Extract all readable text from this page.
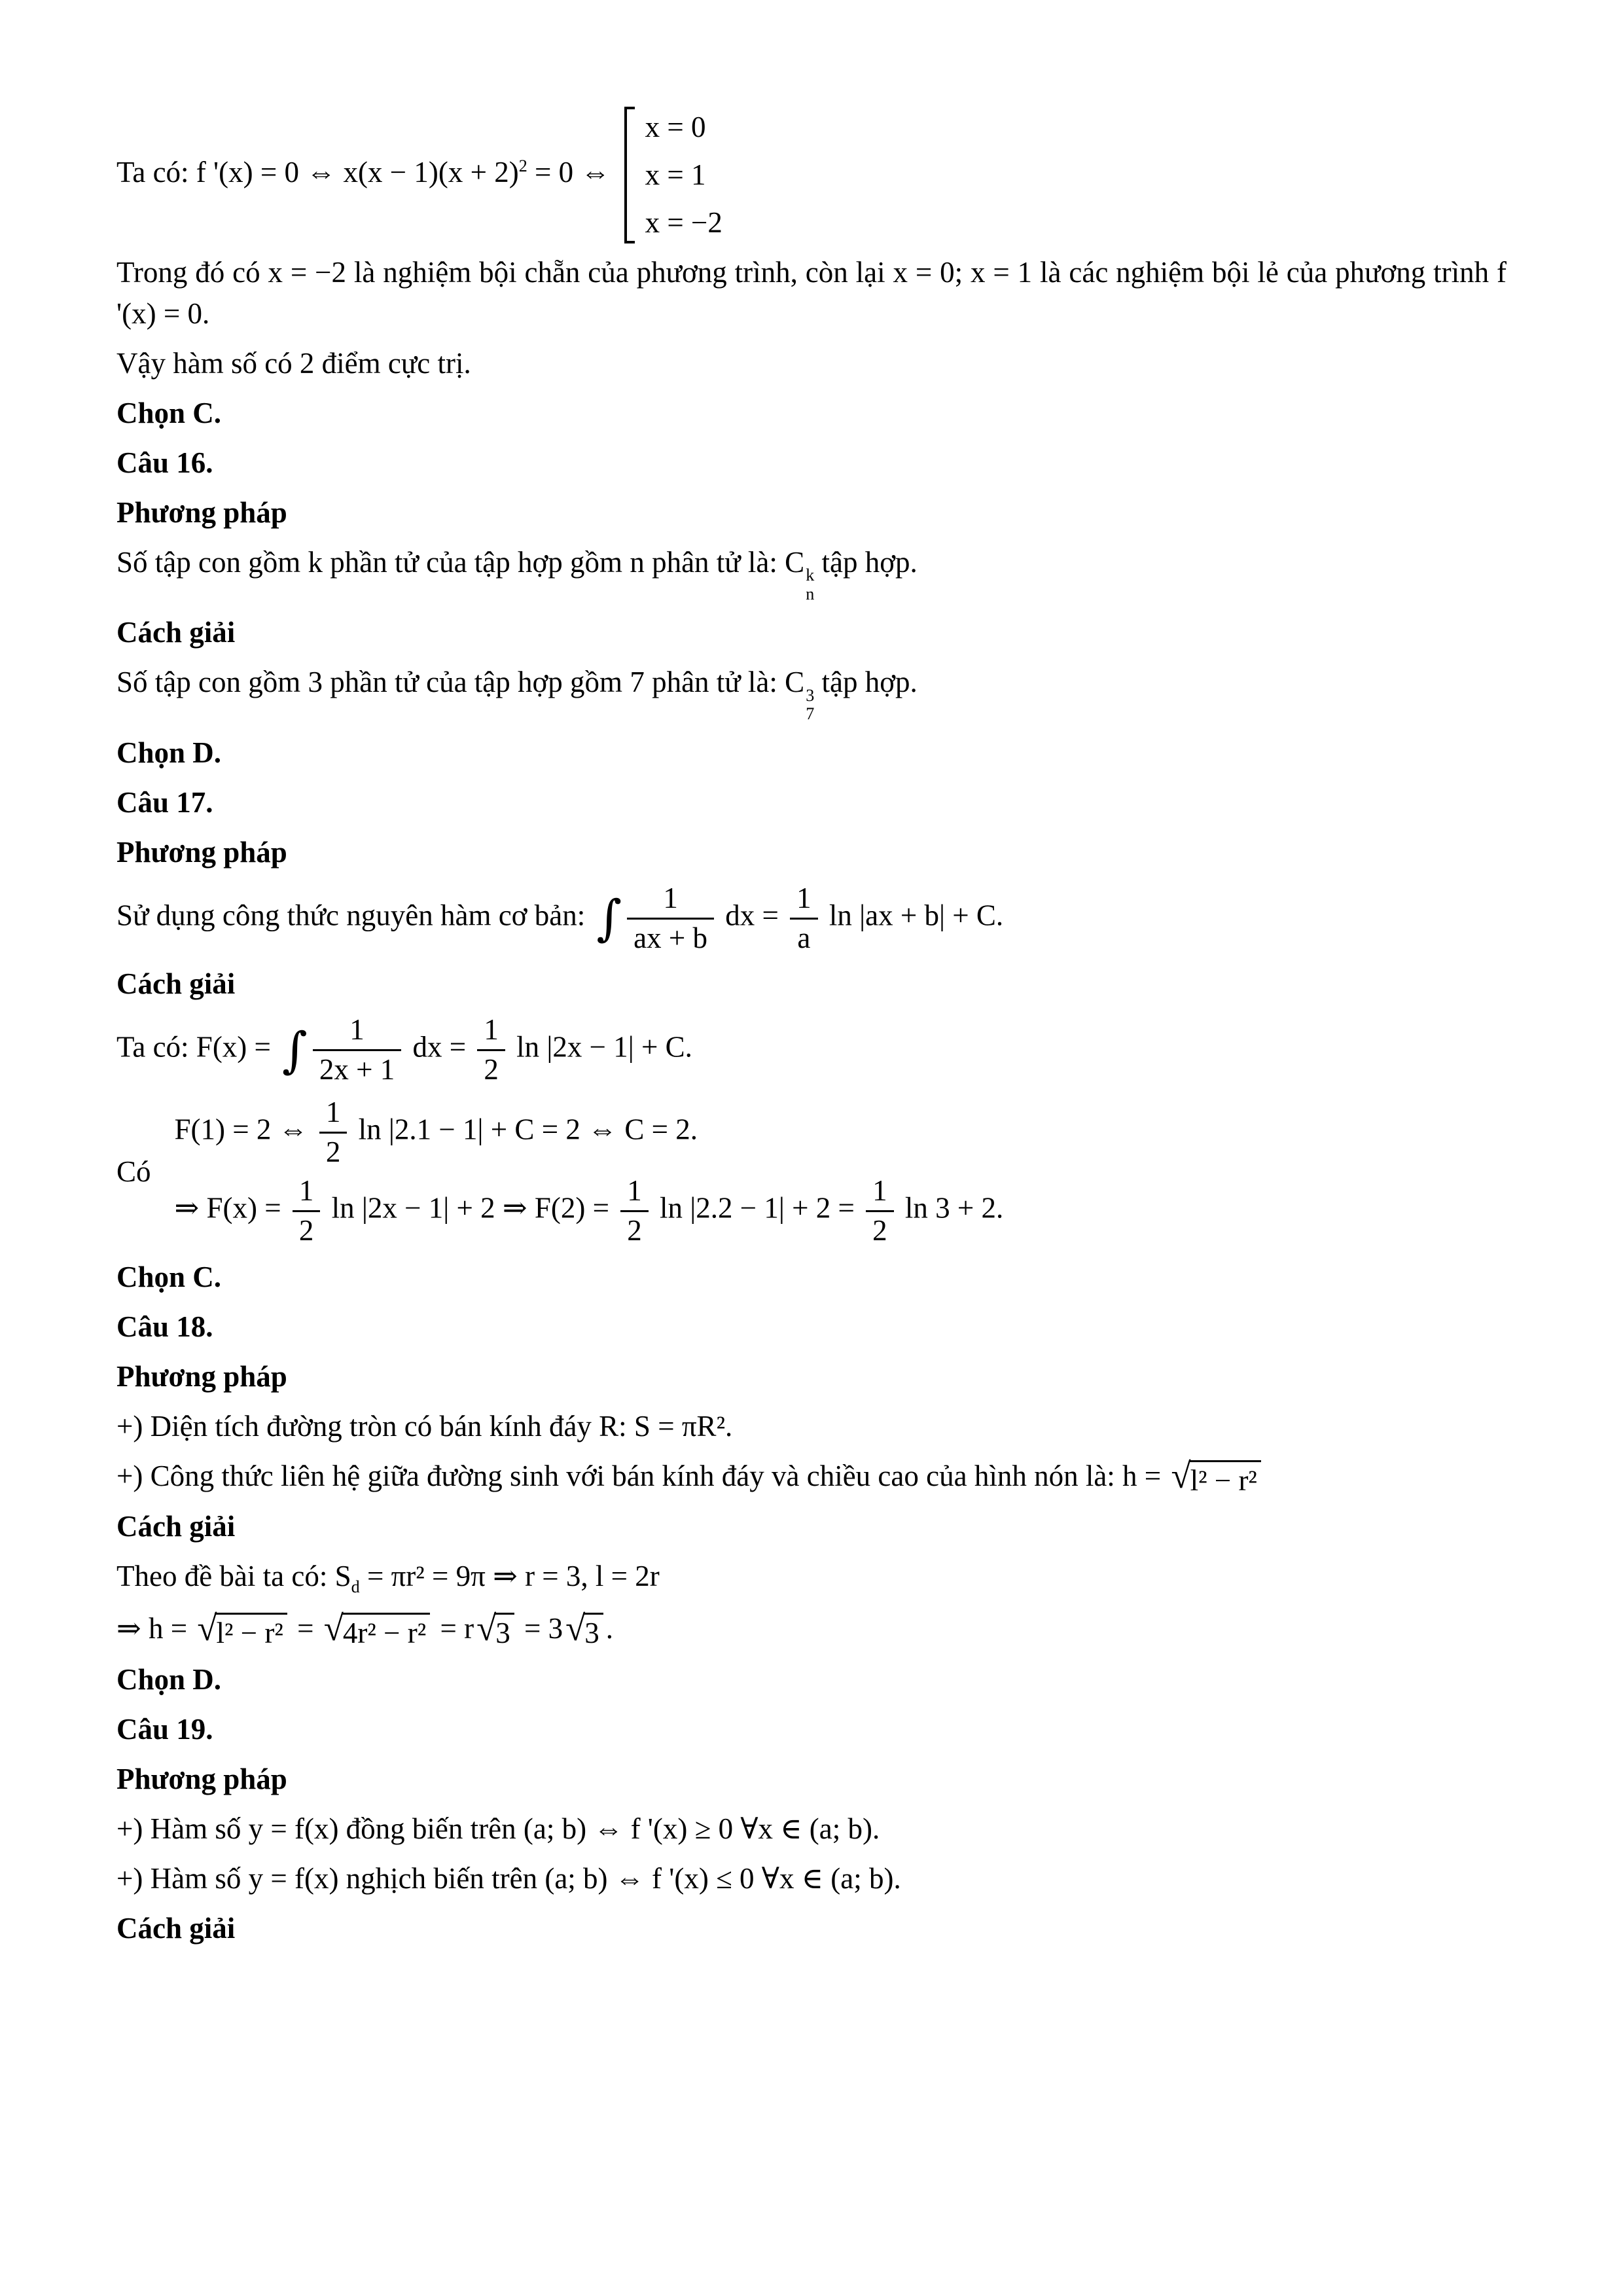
Ta có: f '(x) = 0 ⇔ $x(x - 1)(x + 2)^2 = 0$ ⇔
x = 0
x = 1
x = −2
Trong đó có x = −2 là nghiệm bội chẵn của phương trình, còn lại x = 0; x = 1 là các nghiệm bội lẻ của phương trình f '(x) = 0.
Vậy hàm số có 2 điểm cực trị.
Chọn C.
Câu 16.
Phương pháp
Số tập con gồm k phần tử của tập hợp gồm n phân tử là: C k
n
tập hợp.
Cách giải
Số tập con gồm 3 phần tử của tập hợp gồm 7 phân tử là: C 3
7
tập hợp.
Chọn D.
Câu 17.
Phương pháp
Sử dụng công thức nguyên hàm cơ bản: ∫ $\frac{1}{ax + b}$ dx = $\frac{1}{a}$ ln |ax + b| + C.
Cách giải
Ta có: F(x) = ∫ $\frac{1}{2x + 1}$ dx = $\frac{1}{2}$ ln |2x − 1| + C.
Có
F(1) = 2 ⇔ $\frac{1}{2}$ ln |2.1 − 1| + C = 2 ⇔ C = 2.
⇒ $F(x) = \frac{1}{2}$ ln |2x − 1| + 2 ⇒ $F(2) = \frac{1}{2}$ $\ln |2.2 - 1| + 2 = \frac{1}{2}$ ln 3 + 2.
Chọn C.
Câu 18.
Phương pháp
+) Diện tích đường tròn có bán kính đáy R: S = πR².
+) Công thức liên hệ giữa đường sinh với bán kính đáy và chiều cao của hình nón là: h = √ l² − r²
Cách giải
Theo đề bài ta có: $S_d = \pi r^2 = 9\pi$ ⇒ r = 3, l = 2r
⇒ h = √ l² − r² = √ 4r² − r² = r √ 3 = 3 √ 3 .
Chọn D.
Câu 19.
Phương pháp
+) Hàm số y = f(x) đồng biến trên (a; b) ⇔ f '(x) ≥ 0 ∀x ∈ (a; b).
+) Hàm số y = f(x) nghịch biến trên (a; b) ⇔ f '(x) ≤ 0 ∀x ∈ (a; b).
Cách giải
